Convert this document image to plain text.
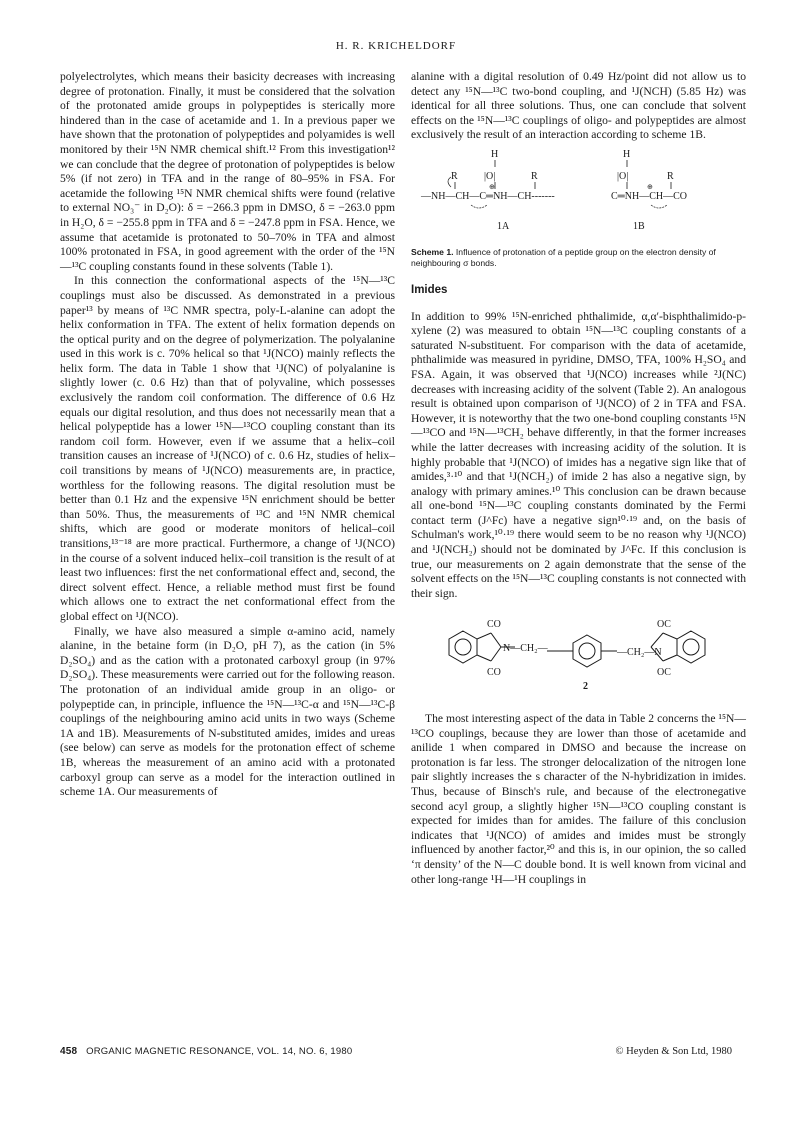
H. R. KRICHELDORF

polyelectrolytes, which means their basicity decreases with increasing degree of protonation. Finally, it must be considered that the solvation of the protonated amide groups in polypeptides is sterically more hindered than in the case of acetamide and 1. In a previous paper we have shown that the protonation of polypeptides and polyamides is well monitored by their ¹⁵N NMR chemical shift.¹² From this investigation¹² we can conclude that the degree of protonation of polypeptides is below 5% (if not zero) in TFA and in the range of 80–95% in FSA. For acetamide the following ¹⁵N NMR chemical shifts were found (relative to external NO₃⁻ in D₂O): δ = −266.3 ppm in DMSO, δ = −263.0 ppm in H₂O, δ = −255.8 ppm in TFA and δ = −247.8 ppm in FSA. Hence, we assume that acetamide is protonated to 50–70% in TFA and almost 100% protonated in FSA, in good agreement with the order of the ¹⁵N—¹³C coupling constants found in these solvents (Table 1).

In this connection the conformational aspects of the ¹⁵N—¹³C couplings must also be discussed. As demonstrated in a previous paper¹³ by means of ¹³C NMR spectra, poly-L-alanine can adopt the helix conformation in TFA. The extent of helix formation depends on the optical purity and on the degree of polymerization. The polyalanine used in this work is c. 70% helical so that ¹J(NCO) mainly reflects the helix form. The data in Table 1 show that ¹J(NC) of polyalanine is slightly lower (c. 0.6 Hz) than that of polyvaline, which possesses exclusively the random coil conformation. The difference of 0.6 Hz equals our digital resolution, and thus does not necessarily mean that a helical polypeptide has a lower ¹⁵N—¹³CO coupling constant than its random coil form. However, even if we assume that a helix–coil transition causes an increase of ¹J(NCO) of c. 0.6 Hz, studies of helix–coil transitions by means of ¹J(NCO) measurements are, in practice, worthless for the following reasons. The digital resolution must be better than 0.1 Hz and the expensive ¹⁵N enrichment should be better than 50%. Thus, the measurements of ¹³C and ¹⁵N NMR chemical shifts, which are good or moderate monitors of helical–coil transitions,¹³⁻¹⁸ are more practical. Furthermore, a change of ¹J(NCO) in the course of a solvent induced helix–coil transition is the result of at least two influences: first the net conformational effect and, second, the direct solvent effect. Hence, a reliable method must first be found which allows one to extract the net conformational effect from the global effect on ¹J(NCO).

Finally, we have also measured a simple α-amino acid, namely alanine, in the betaine form (in D₂O, pH 7), as the cation (in 5% D₂SO₄) and as the cation with a protonated carboxyl group (in 97% D₂SO₄). These measurements were carried out for the following reason. The protonation of an individual amide group in an oligo- or polypeptide can, in principle, influence the ¹⁵N—¹³C-α and ¹⁵N—¹³C-β couplings of the neighbouring amino acid units in two ways (Scheme 1A and 1B). Measurements of N-substituted amides, imides and ureas (see below) can serve as models for the protonation effect of scheme 1B, whereas the measurement of an amino acid with a protonated carboxyl group can serve as a model for the interaction outlined in scheme 1A. Our measurements of

alanine with a digital resolution of 0.49 Hz/point did not allow us to detect any ¹⁵N—¹³C two-bond coupling, and ¹J(NCH) (5.85 Hz) was identical for all three solutions. Thus, one can conclude that solvent effects on the ¹⁵N—¹³C couplings of oligo- and polypeptides are almost exclusively the result of an interaction according to scheme 1B.

H
R	|O|	R
—NH—CH—C═NH—CH-------
⊕
1A
H
|O|	R
C═NH—CH—CO
⊕
1B

Scheme 1. Influence of protonation of a peptide group on the electron density of neighbouring σ bonds.

Imides

In addition to 99% ¹⁵N-enriched phthalimide, α,α′-bisphthalimido-p-xylene (2) was measured to obtain ¹⁵N—¹³C coupling constants of a saturated N-substituent. For comparison with the data of acetamide, phthalimide was measured in pyridine, DMSO, TFA, 100% H₂SO₄ and FSA. Again, it was observed that ¹J(NCO) increases while ²J(NC) decreases with increasing acidity of the solvent (Table 2). An analogous result is obtained upon comparison of ¹J(NCO) of 2 in TFA and FSA. However, it is noteworthy that the two one-bond coupling constants ¹⁵N—¹³CO and ¹⁵N—¹³CH₂ behave differently, in that the former increases while the latter decreases with increasing acidity of the solution. It is highly probable that ¹J(NCO) of imides has a negative sign like that of amides,³·¹⁰ and that ¹J(NCH₂) of imide 2 has also a negative sign, by analogy with primary amines.¹⁰ This conclusion can be drawn because all one-bond ¹⁵N—¹³C coupling constants dominated by the Fermi contact term (J^Fc) have a negative sign¹⁰·¹⁹ and, on the basis of Schulman's work,¹⁰·¹⁹ there would seem to be no reason why ¹J(NCO) and ¹J(NCH₂) should not be dominated by J^Fc. If this conclusion is true, our measurements on 2 again demonstrate that the sense of the solvent effects on the ¹⁵N—¹³C coupling constants is not connected with their sign.

CO
CO
N—CH₂—	—CH₂—N
OC
OC
2

The most interesting aspect of the data in Table 2 concerns the ¹⁵N—¹³CO couplings, because they are lower than those of acetamide and anilide 1 when compared in DMSO and because the increase on protonation is far less. The stronger delocalization of the nitrogen lone pair slightly increases the s character of the N-hybridization in imides. Thus, because of Binsch's rule, and because of the electronegative second acyl group, a slightly higher ¹⁵N—¹³CO coupling constant is expected for imides than for amides. The failure of this conclusion indicates that ¹J(NCO) of amides and imides must be strongly influenced by another factor,²⁰ and this is, in our opinion, the so called ‘π density’ of the N—C double bond. It is well known from vicinal and other long-range ¹H—¹H couplings in

458 ORGANIC MAGNETIC RESONANCE, VOL. 14, NO. 6, 1980	© Heyden & Son Ltd, 1980
